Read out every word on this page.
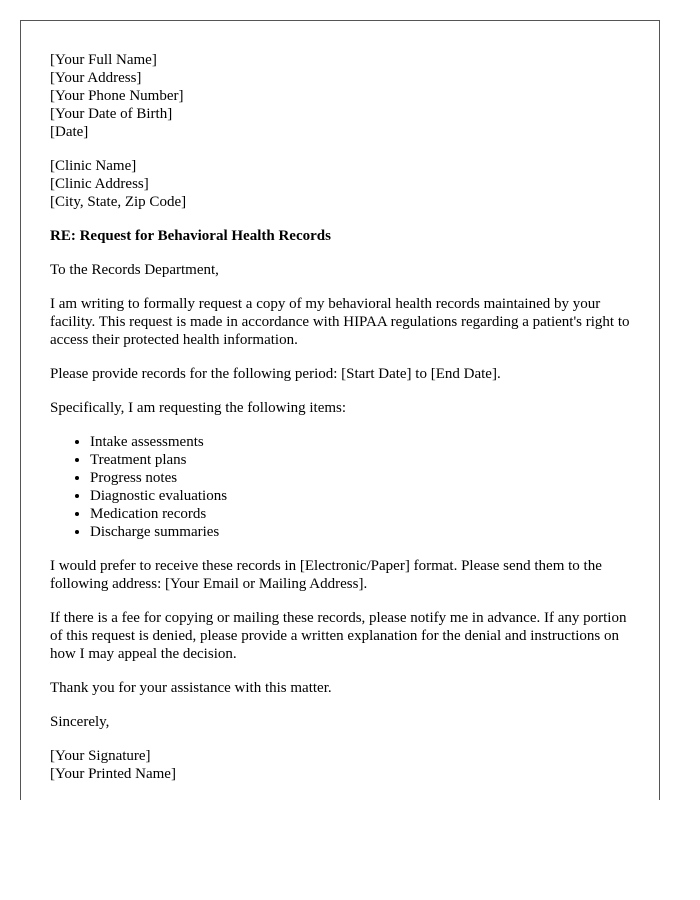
[Your Full Name]
[Your Address]
[Your Phone Number]
[Your Date of Birth]
[Date]
[Clinic Name]
[Clinic Address]
[City, State, Zip Code]
RE: Request for Behavioral Health Records
To the Records Department,
I am writing to formally request a copy of my behavioral health records maintained by your facility. This request is made in accordance with HIPAA regulations regarding a patient's right to access their protected health information.
Please provide records for the following period: [Start Date] to [End Date].
Specifically, I am requesting the following items:
• Intake assessments
• Treatment plans
• Progress notes
• Diagnostic evaluations
• Medication records
• Discharge summaries
I would prefer to receive these records in [Electronic/Paper] format. Please send them to the following address: [Your Email or Mailing Address].
If there is a fee for copying or mailing these records, please notify me in advance. If any portion of this request is denied, please provide a written explanation for the denial and instructions on how I may appeal the decision.
Thank you for your assistance with this matter.
Sincerely,
[Your Signature]
[Your Printed Name]
